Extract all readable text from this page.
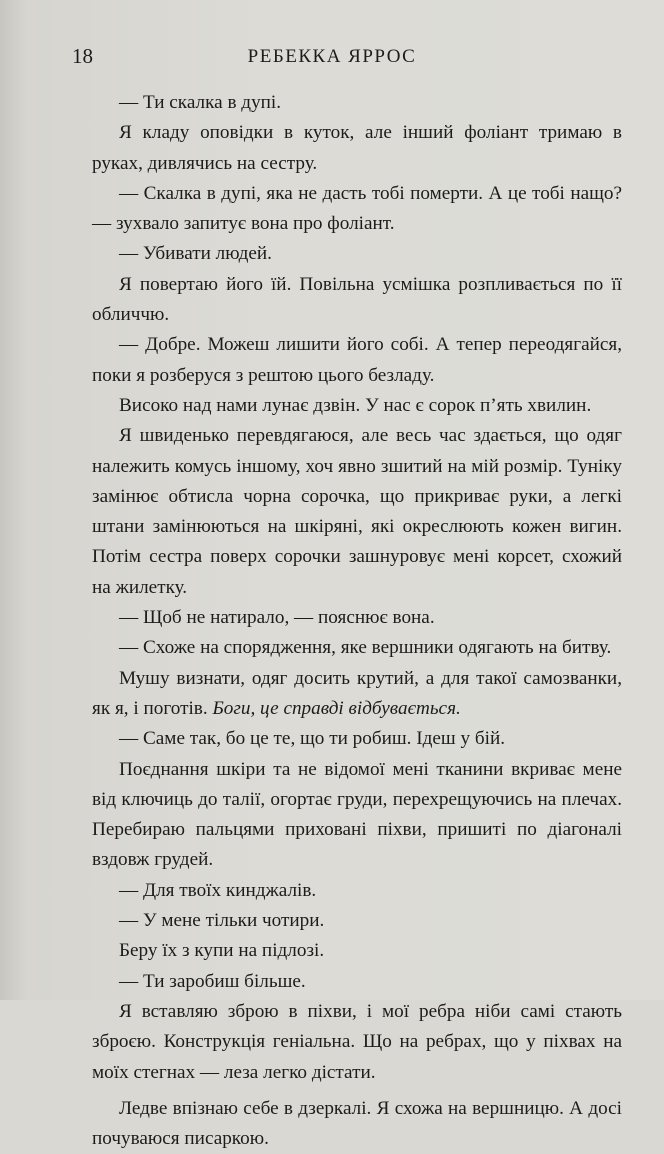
18	РЕБЕККА ЯРРОС

— Ти скалка в дупі.

Я кладу оповідки в куток, але інший фоліант тримаю в руках, дивлячись на сестру.

— Скалка в дупі, яка не дасть тобі померти. А це тобі нащо? — зухвало запитує вона про фоліант.

— Убивати людей.

Я повертаю його їй. Повільна усмішка розпливається по її обличчю.

— Добре. Можеш лишити його собі. А тепер переодягайся, поки я розберуся з рештою цього безладу.

Високо над нами лунає дзвін. У нас є сорок п’ять хвилин.

Я швиденько перевдягаюся, але весь час здається, що одяг належить комусь іншому, хоч явно зшитий на мій розмір. Туніку замінює обтисла чорна сорочка, що прикриває руки, а легкі штани замінюються на шкіряні, які окреслюють кожен вигин. Потім сестра поверх сорочки зашнуровує мені корсет, схожий на жилетку.

— Щоб не натирало, — пояснює вона.

— Схоже на спорядження, яке вершники одягають на битву.

Мушу визнати, одяг досить крутий, а для такої самозванки, як я, і поготів. Боги, це справді відбувається.

— Саме так, бо це те, що ти робиш. Ідеш у бій.

Поєднання шкіри та не відомої мені тканини вкриває мене від ключиць до талії, огортає груди, перехрещуючись на плечах. Перебираю пальцями приховані піхви, пришиті по діагоналі вздовж грудей.

— Для твоїх кинджалів.

— У мене тільки чотири.

Беру їх з купи на підлозі.

— Ти заробиш більше.

Я вставляю зброю в піхви, і мої ребра ніби самі стають зброєю. Конструкція геніальна. Що на ребрах, що у піхвах на моїх стегнах — леза легко дістати.

Ледве впізнаю себе в дзеркалі. Я схожа на вершницю. А досі почуваюся писаркою.
